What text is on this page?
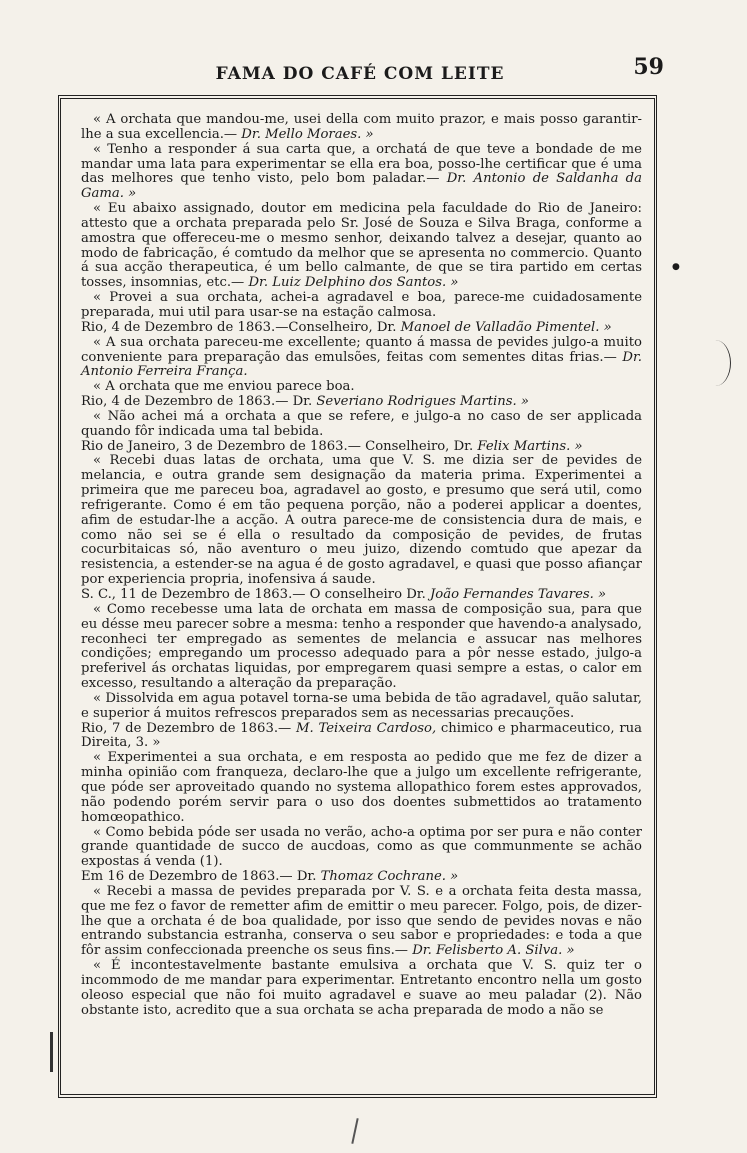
FAMA DO CAFÉ COM LEITE	59

« A orchata que mandou-me, usei della com muito prazor, e mais posso garantir-lhe a sua excellencia.— Dr. Mello Moraes. »

« Tenho a responder á sua carta que, a orchatá de que teve a bondade de me mandar uma lata para experimentar se ella era boa, posso-lhe certificar que é uma das melhores que tenho visto, pelo bom paladar.— Dr. Antonio de Saldanha da Gama. »

« Eu abaixo assignado, doutor em medicina pela faculdade do Rio de Janeiro: attesto que a orchata preparada pelo Sr. José de Souza e Silva Braga, conforme a amostra que offereceu-me o mesmo senhor, deixando talvez a desejar, quanto ao modo de fabricação, é comtudo da melhor que se apresenta no commercio. Quanto á sua acção therapeutica, é um bello calmante, de que se tira partido em certas tosses, insomnias, etc.— Dr. Luiz Delphino dos Santos. »

« Provei a sua orchata, achei-a agradavel e boa, parece-me cuidadosamente preparada, mui util para usar-se na estação calmosa.

Rio, 4 de Dezembro de 1863.—Conselheiro, Dr. Manoel de Valladão Pimentel. »

« A sua orchata pareceu-me excellente; quanto á massa de pevides julgo-a muito conveniente para preparação das emulsões, feitas com sementes ditas frias.— Dr. Antonio Ferreira França.

« A orchata que me enviou parece boa.

Rio, 4 de Dezembro de 1863.— Dr. Severiano Rodrigues Martins. »

« Não achei má a orchata a que se refere, e julgo-a no caso de ser applicada quando fôr indicada uma tal bebida.

Rio de Janeiro, 3 de Dezembro de 1863.— Conselheiro, Dr. Felix Martins. »

« Recebi duas latas de orchata, uma que V. S. me dizia ser de pevides de melancia, e outra grande sem designação da materia prima. Experimentei a primeira que me pareceu boa, agradavel ao gosto, e presumo que será util, como refrigerante. Como é em tão pequena porção, não a poderei applicar a doentes, afim de estudar-lhe a acção. A outra parece-me de consistencia dura de mais, e como não sei se é ella o resultado da composição de pevides, de frutas cocurbitaicas só, não aventuro o meu juizo, dizendo comtudo que apezar da resistencia, a estender-se na agua é de gosto agradavel, e quasi que posso afiançar por experiencia propria, inofensiva á saude.

S. C., 11 de Dezembro de 1863.— O conselheiro Dr. João Fernandes Tavares. »

« Como recebesse uma lata de orchata em massa de composição sua, para que eu désse meu parecer sobre a mesma: tenho a responder que havendo-a analysado, reconheci ter empregado as sementes de melancia e assucar nas melhores condições; empregando um processo adequado para a pôr nesse estado, julgo-a preferivel ás orchatas liquidas, por empregarem quasi sempre a estas, o calor em excesso, resultando a alteração da preparação.

« Dissolvida em agua potavel torna-se uma bebida de tão agradavel, quão salutar, e superior á muitos refrescos preparados sem as necessarias precauções.

Rio, 7 de Dezembro de 1863.— M. Teixeira Cardoso, chimico e pharmaceutico, rua Direita, 3. »

« Experimentei a sua orchata, e em resposta ao pedido que me fez de dizer a minha opinião com franqueza, declaro-lhe que a julgo um excellente refrigerante, que póde ser aproveitado quando no systema allopathico forem estes approvados, não podendo porém servir para o uso dos doentes submettidos ao tratamento homœopathico.

« Como bebida póde ser usada no verão, acho-a optima por ser pura e não conter grande quantidade de succo de aucdoas, como as que communmente se achão expostas á venda (1).

Em 16 de Dezembro de 1863.— Dr. Thomaz Cochrane. »

« Recebi a massa de pevides preparada por V. S. e a orchata feita desta massa, que me fez o favor de remetter afim de emittir o meu parecer. Folgo, pois, de dizer-lhe que a orchata é de boa qualidade, por isso que sendo de pevides novas e não entrando substancia estranha, conserva o seu sabor e propriedades: e toda a que fôr assim confeccionada preenche os seus fins.— Dr. Felisberto A. Silva. »

« É incontestavelmente bastante emulsiva a orchata que V. S. quiz ter o incommodo de me mandar para experimentar. Entretanto encontro nella um gosto oleoso especial que não foi muito agradavel e suave ao meu paladar (2). Não obstante isto, acredito que a sua orchata se acha preparada de modo a não se

●
